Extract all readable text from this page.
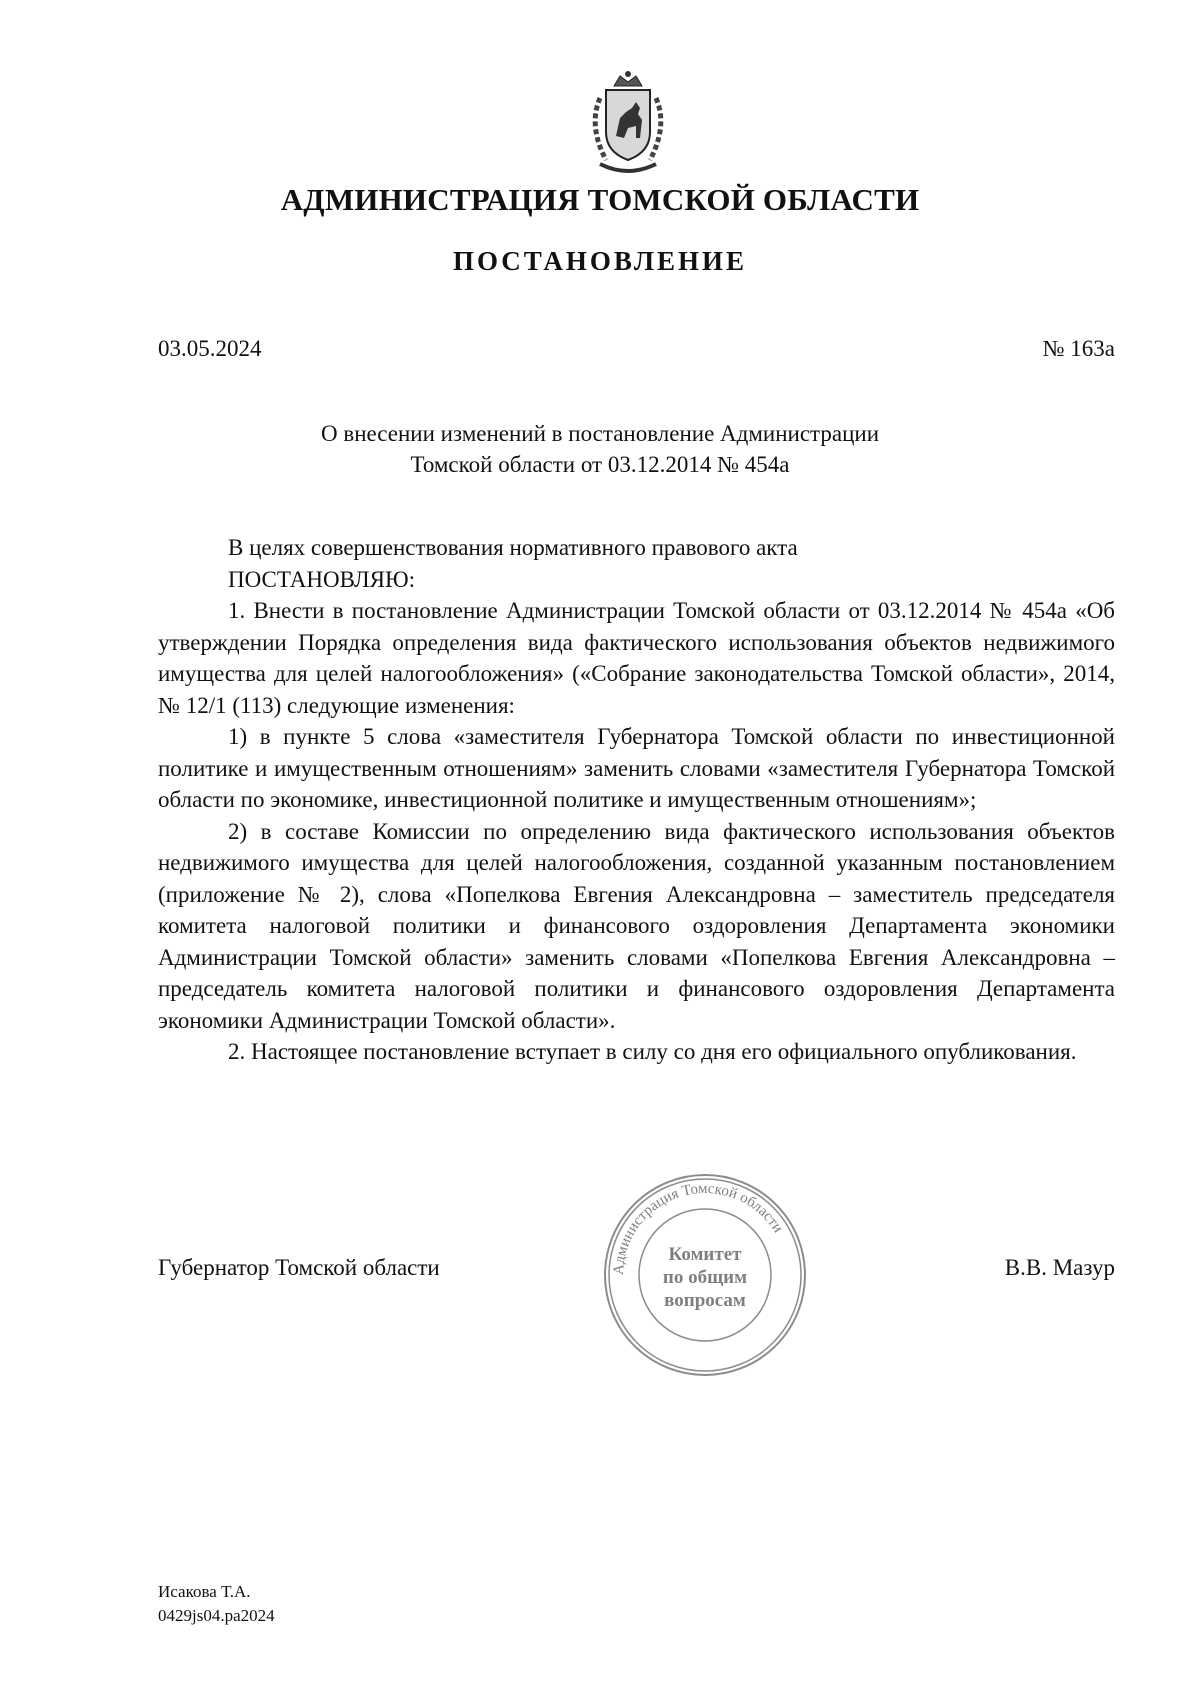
АДМИНИСТРАЦИЯ ТОМСКОЙ ОБЛАСТИ
ПОСТАНОВЛЕНИЕ
03.05.2024	№ 163а
О внесении изменений в постановление Администрации
Томской области от 03.12.2014 № 454а

В целях совершенствования нормативного правового акта

ПОСТАНОВЛЯЮ:

1. Внести в постановление Администрации Томской области от 03.12.2014 № 454а «Об утверждении Порядка определения вида фактического использования объектов недвижимого имущества для целей налогообложения» («Собрание законодательства Томской области», 2014, № 12/1 (113) следующие изменения:

1) в пункте 5 слова «заместителя Губернатора Томской области по инвестиционной политике и имущественным отношениям» заменить словами «заместителя Губернатора Томской области по экономике, инвестиционной политике и имущественным отношениям»;

2) в составе Комиссии по определению вида фактического использования объектов недвижимого имущества для целей налогообложения, созданной указанным постановлением (приложение № 2), слова «Попелкова Евгения Александровна – заместитель председателя комитета налоговой политики и финансового оздоровления Департамента экономики Администрации Томской области» заменить словами «Попелкова Евгения Александровна – председатель комитета налоговой политики и финансового оздоровления Департамента экономики Администрации Томской области».

2. Настоящее постановление вступает в силу со дня его официального опубликования.

Губернатор Томской области	В.В. Мазур
Администрация Томской области
Комитет
по общим
вопросам
Исакова Т.А.
0429js04.pa2024
